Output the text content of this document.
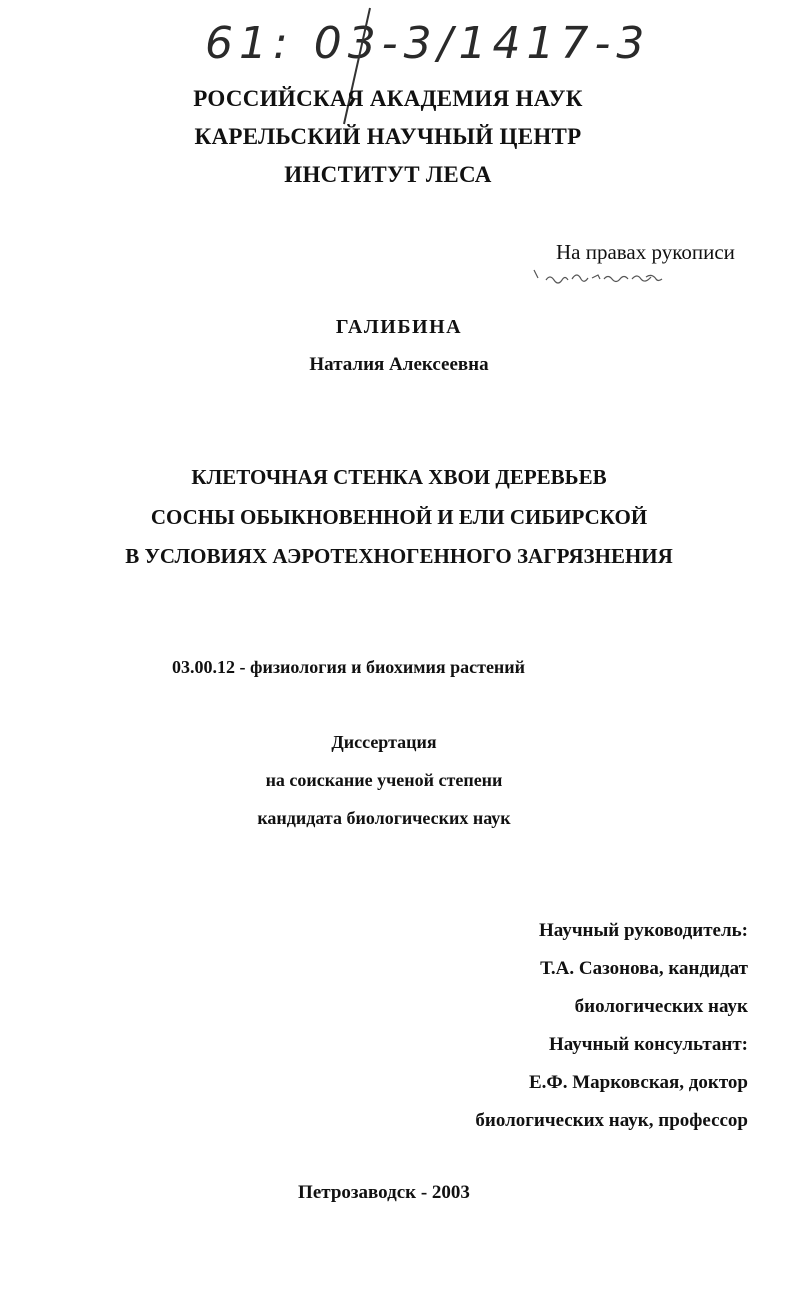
61: 03-3/1417-3
РОССИЙСКАЯ АКАДЕМИЯ НАУК
КАРЕЛЬСКИЙ НАУЧНЫЙ ЦЕНТР
ИНСТИТУТ ЛЕСА
На правах рукописи
ГАЛИБИНА
Наталия Алексеевна
КЛЕТОЧНАЯ СТЕНКА ХВОИ ДЕРЕВЬЕВ
СОСНЫ ОБЫКНОВЕННОЙ И ЕЛИ СИБИРСКОЙ
В УСЛОВИЯХ АЭРОТЕХНОГЕННОГО ЗАГРЯЗНЕНИЯ
03.00.12 - физиология и биохимия растений
Диссертация
на соискание ученой степени
кандидата биологических наук
Научный руководитель:
Т.А. Сазонова, кандидат
биологических наук
Научный консультант:
Е.Ф. Марковская, доктор
биологических наук, профессор
Петрозаводск - 2003
